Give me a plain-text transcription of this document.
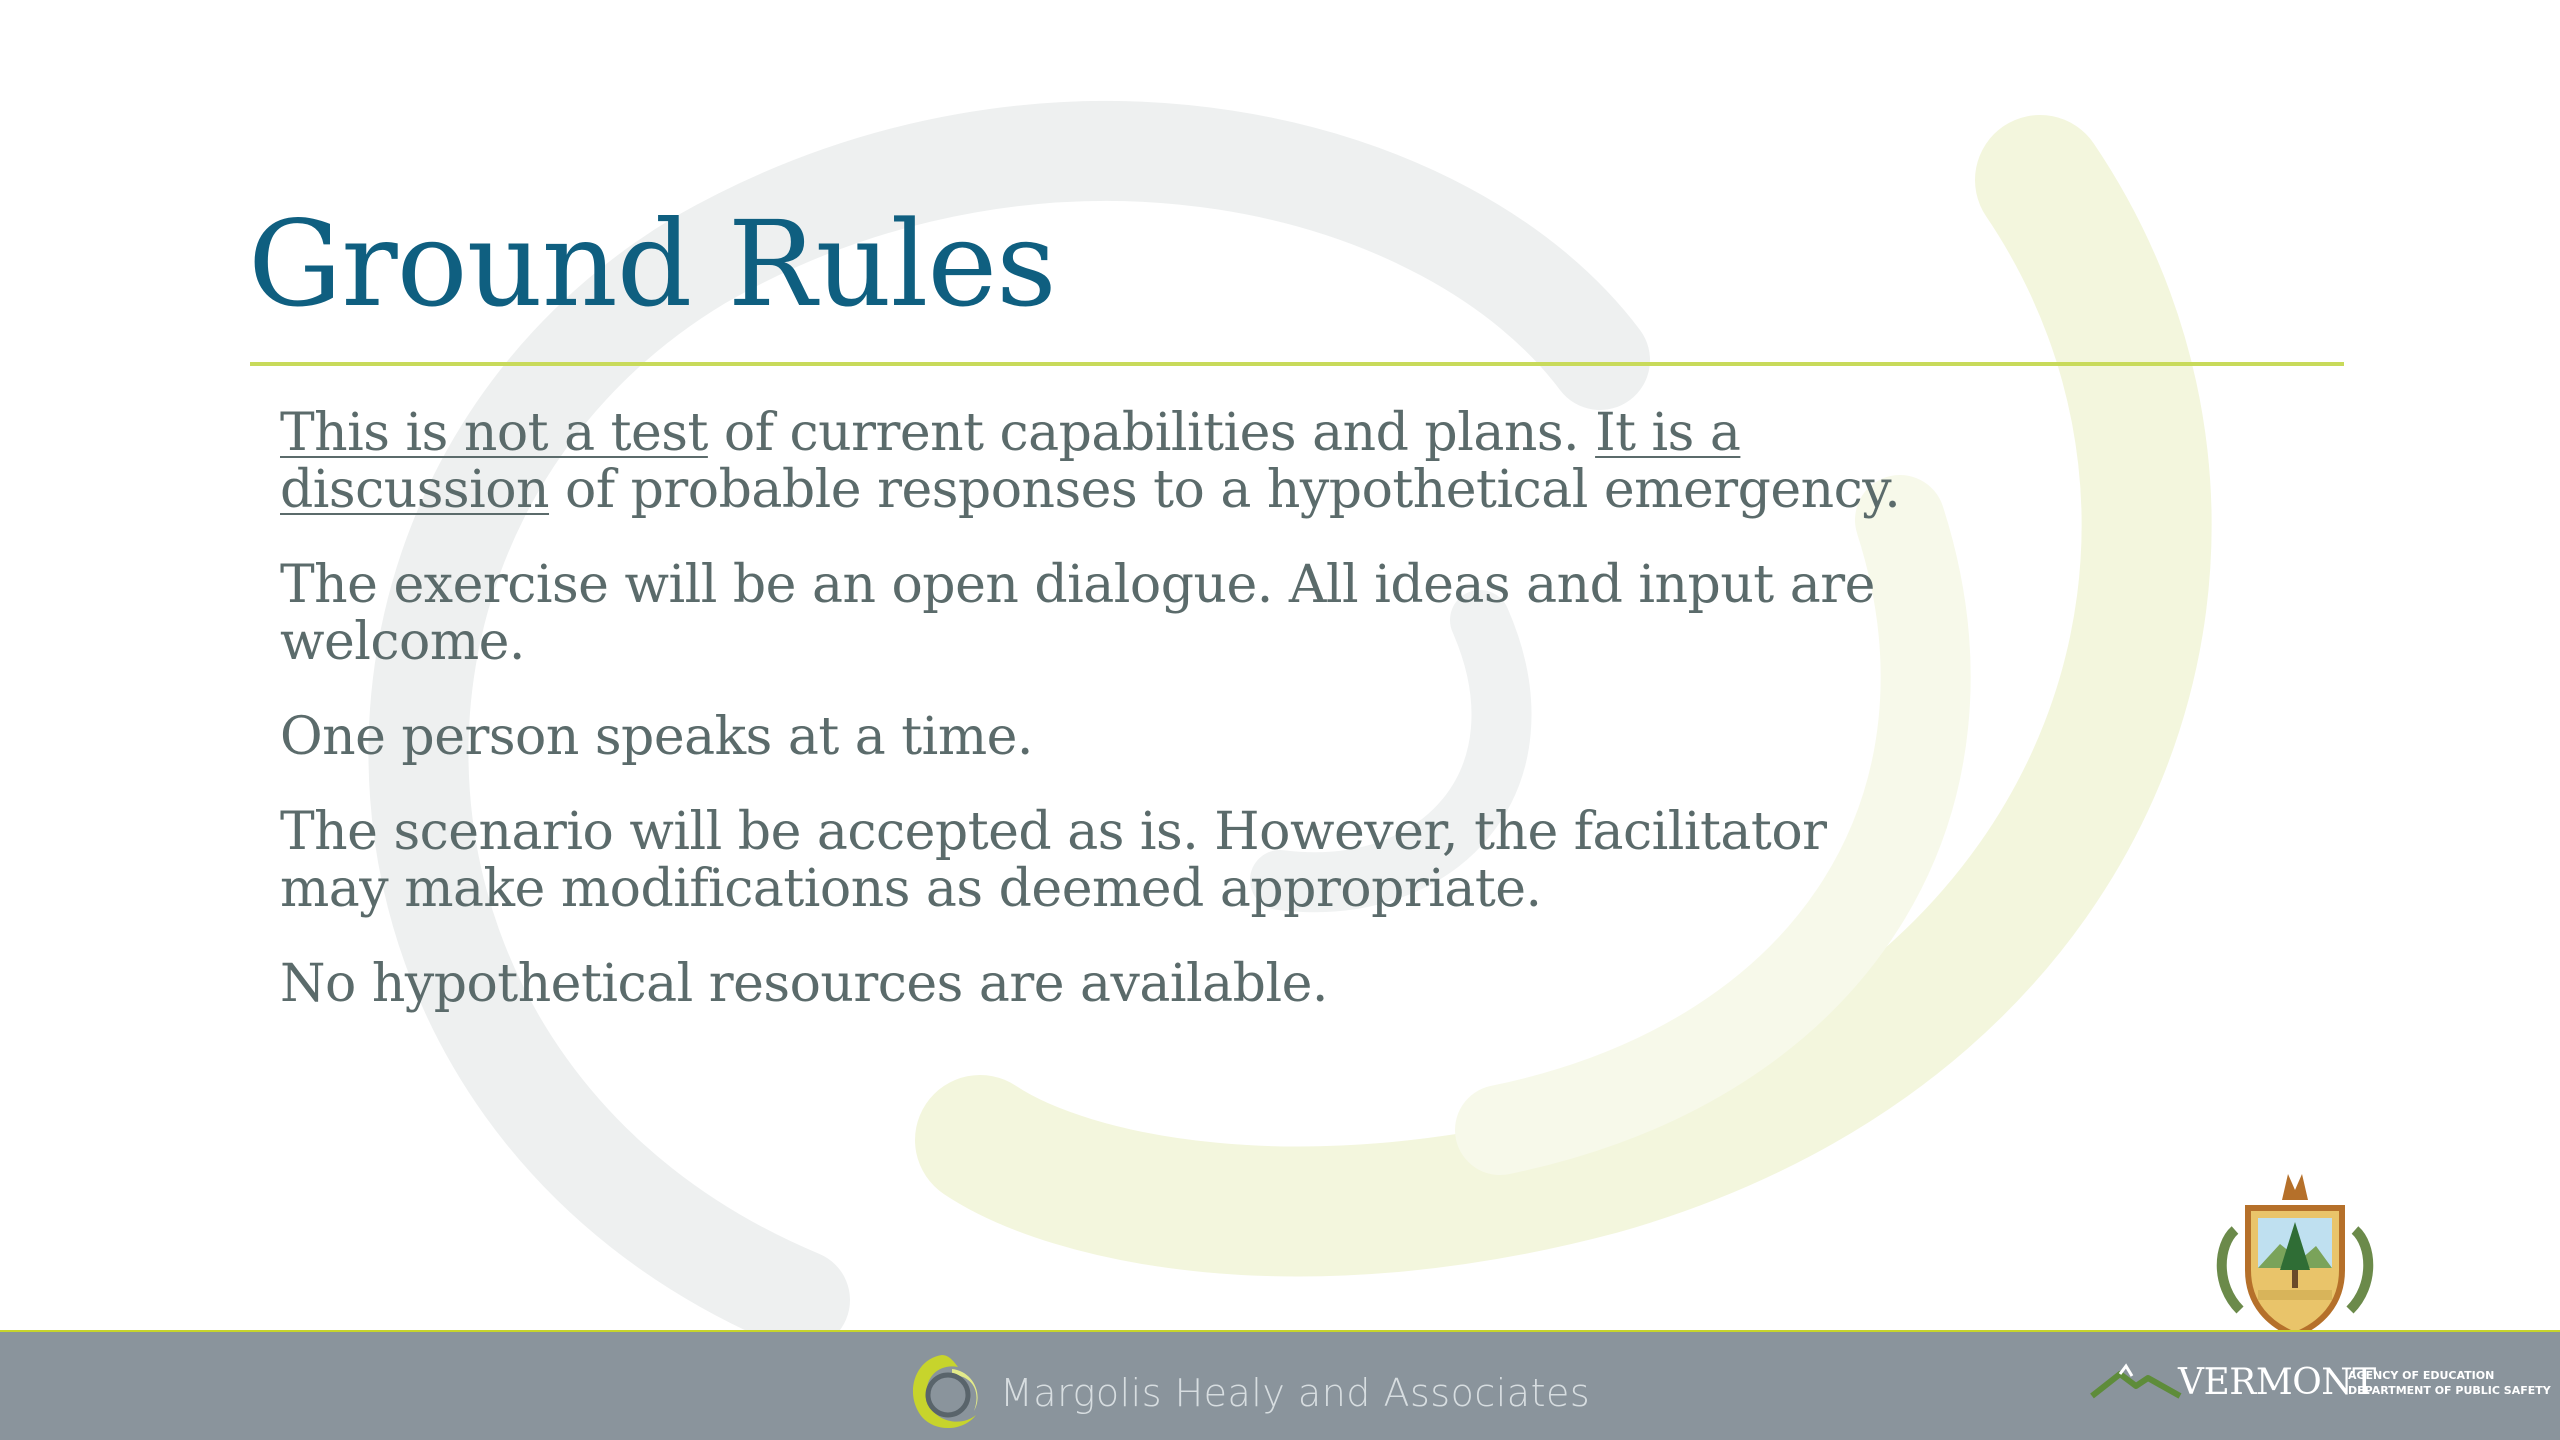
Ground Rules

This is not a test of current capabilities and plans. It is a discussion of probable responses to a hypothetical emergency.

The exercise will be an open dialogue. All ideas and input are welcome.

One person speaks at a time.

The scenario will be accepted as is. However, the facilitator may make modifications as deemed appropriate.

No hypothetical resources are available.

Margolis Healy and Associates	VERMONT
AGENCY OF EDUCATION
DEPARTMENT OF PUBLIC SAFETY
